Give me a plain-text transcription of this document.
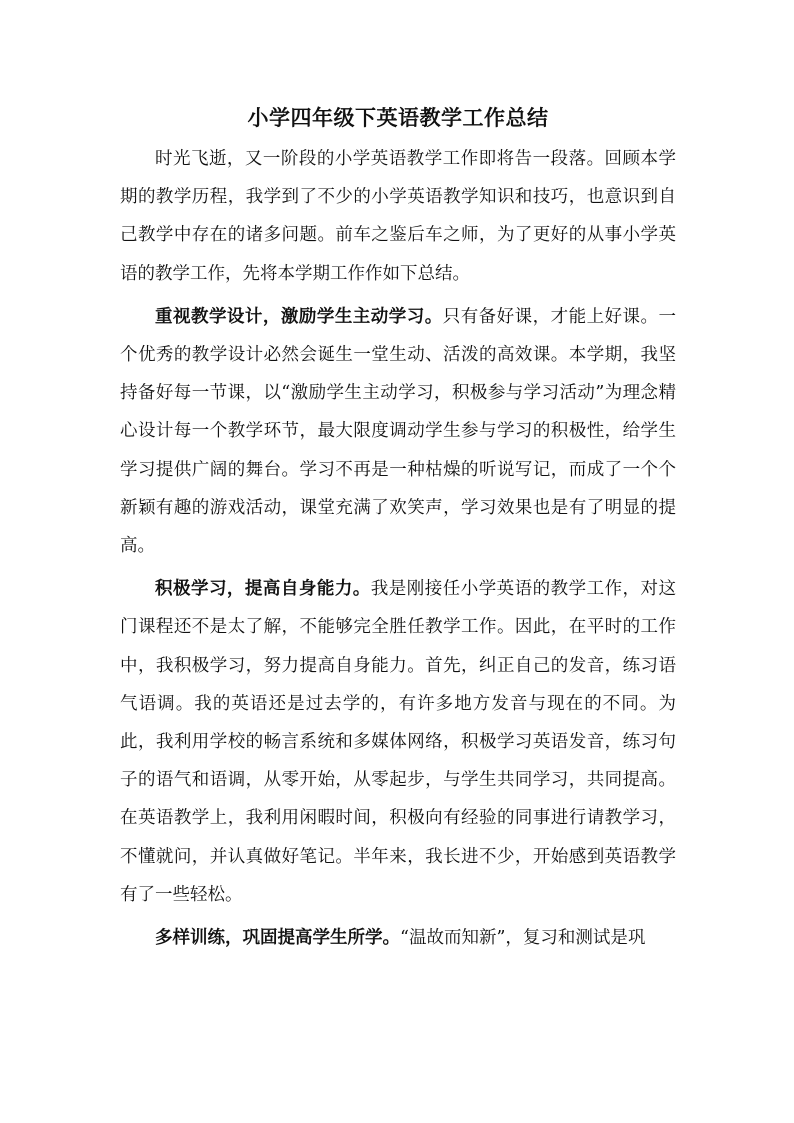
小学四年级下英语教学工作总结

时光飞逝，又一阶段的小学英语教学工作即将告一段落。回顾本学期的教学历程，我学到了不少的小学英语教学知识和技巧，也意识到自己教学中存在的诸多问题。前车之鉴后车之师，为了更好的从事小学英语的教学工作，先将本学期工作作如下总结。

重视教学设计，激励学生主动学习。只有备好课，才能上好课。一个优秀的教学设计必然会诞生一堂生动、活泼的高效课。本学期，我坚持备好每一节课，以“激励学生主动学习，积极参与学习活动”为理念精心设计每一个教学环节，最大限度调动学生参与学习的积极性，给学生学习提供广阔的舞台。学习不再是一种枯燥的听说写记，而成了一个个新颖有趣的游戏活动，课堂充满了欢笑声，学习效果也是有了明显的提高。

积极学习，提高自身能力。我是刚接任小学英语的教学工作，对这门课程还不是太了解，不能够完全胜任教学工作。因此，在平时的工作中，我积极学习，努力提高自身能力。首先，纠正自己的发音，练习语气语调。我的英语还是过去学的，有许多地方发音与现在的不同。为此，我利用学校的畅言系统和多媒体网络，积极学习英语发音，练习句子的语气和语调，从零开始，从零起步，与学生共同学习，共同提高。在英语教学上，我利用闲暇时间，积极向有经验的同事进行请教学习，不懂就问，并认真做好笔记。半年来，我长进不少，开始感到英语教学有了一些轻松。

多样训练，巩固提高学生所学。“温故而知新”，复习和测试是巩
